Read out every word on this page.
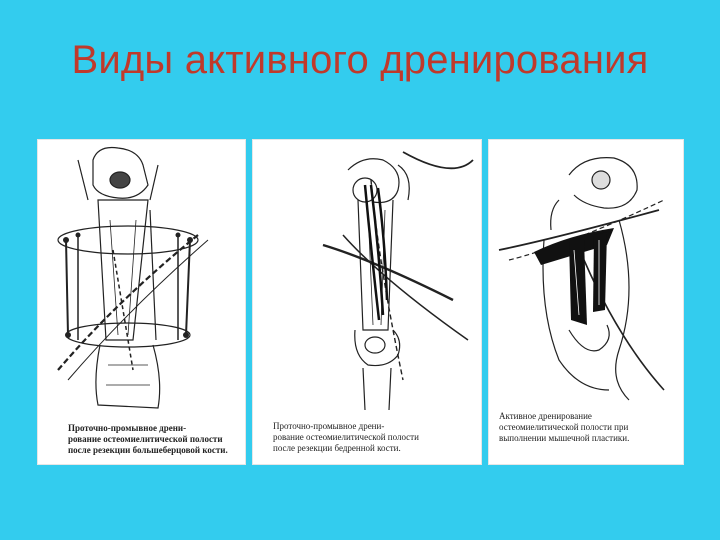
Виды активного дренирования
Проточно-промывное дрени-
рование остеомиелитической полости
после резекции большеберцовой кости.
Проточно-промывное дрени-
рование остеомиелитической полости
после резекции бедренной кости.
Активное дренирование
остеомиелитической полости при
выполнении мышечной пластики.
